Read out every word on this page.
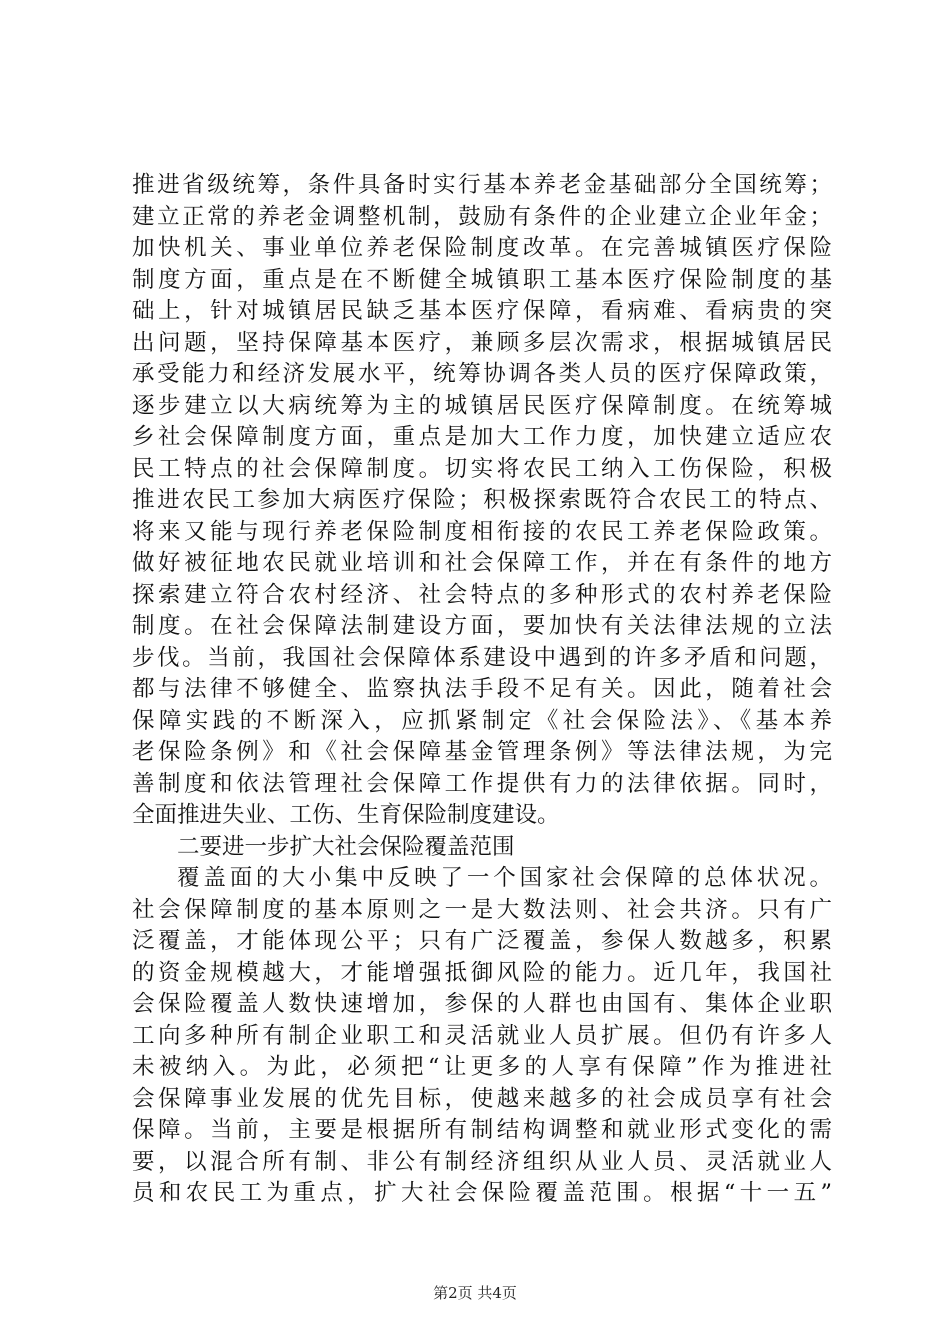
推进省级统筹，条件具备时实行基本养老金基础部分全国统筹；
建立正常的养老金调整机制，鼓励有条件的企业建立企业年金；
加快机关、事业单位养老保险制度改革。在完善城镇医疗保险
制度方面，重点是在不断健全城镇职工基本医疗保险制度的基
础上，针对城镇居民缺乏基本医疗保障，看病难、看病贵的突
出问题，坚持保障基本医疗，兼顾多层次需求，根据城镇居民
承受能力和经济发展水平，统筹协调各类人员的医疗保障政策，
逐步建立以大病统筹为主的城镇居民医疗保障制度。在统筹城
乡社会保障制度方面，重点是加大工作力度，加快建立适应农
民工特点的社会保障制度。切实将农民工纳入工伤保险，积极
推进农民工参加大病医疗保险；积极探索既符合农民工的特点、
将来又能与现行养老保险制度相衔接的农民工养老保险政策。
做好被征地农民就业培训和社会保障工作，并在有条件的地方
探索建立符合农村经济、社会特点的多种形式的农村养老保险
制度。在社会保障法制建设方面，要加快有关法律法规的立法
步伐。当前，我国社会保障体系建设中遇到的许多矛盾和问题，
都与法律不够健全、监察执法手段不足有关。因此，随着社会
保障实践的不断深入，应抓紧制定《社会保险法》、《基本养
老保险条例》和《社会保障基金管理条例》等法律法规，为完
善制度和依法管理社会保障工作提供有力的法律依据。同时，
全面推进失业、工伤、生育保险制度建设。
二要进一步扩大社会保险覆盖范围
覆盖面的大小集中反映了一个国家社会保障的总体状况。
社会保障制度的基本原则之一是大数法则、社会共济。只有广
泛覆盖，才能体现公平；只有广泛覆盖，参保人数越多，积累
的资金规模越大，才能增强抵御风险的能力。近几年，我国社
会保险覆盖人数快速增加，参保的人群也由国有、集体企业职
工向多种所有制企业职工和灵活就业人员扩展。但仍有许多人
未被纳入。为此，必须把“让更多的人享有保障”作为推进社
会保障事业发展的优先目标，使越来越多的社会成员享有社会
保障。当前，主要是根据所有制结构调整和就业形式变化的需
要，以混合所有制、非公有制经济组织从业人员、灵活就业人
员和农民工为重点，扩大社会保险覆盖范围。根据“十一五”
第2页 共4页
